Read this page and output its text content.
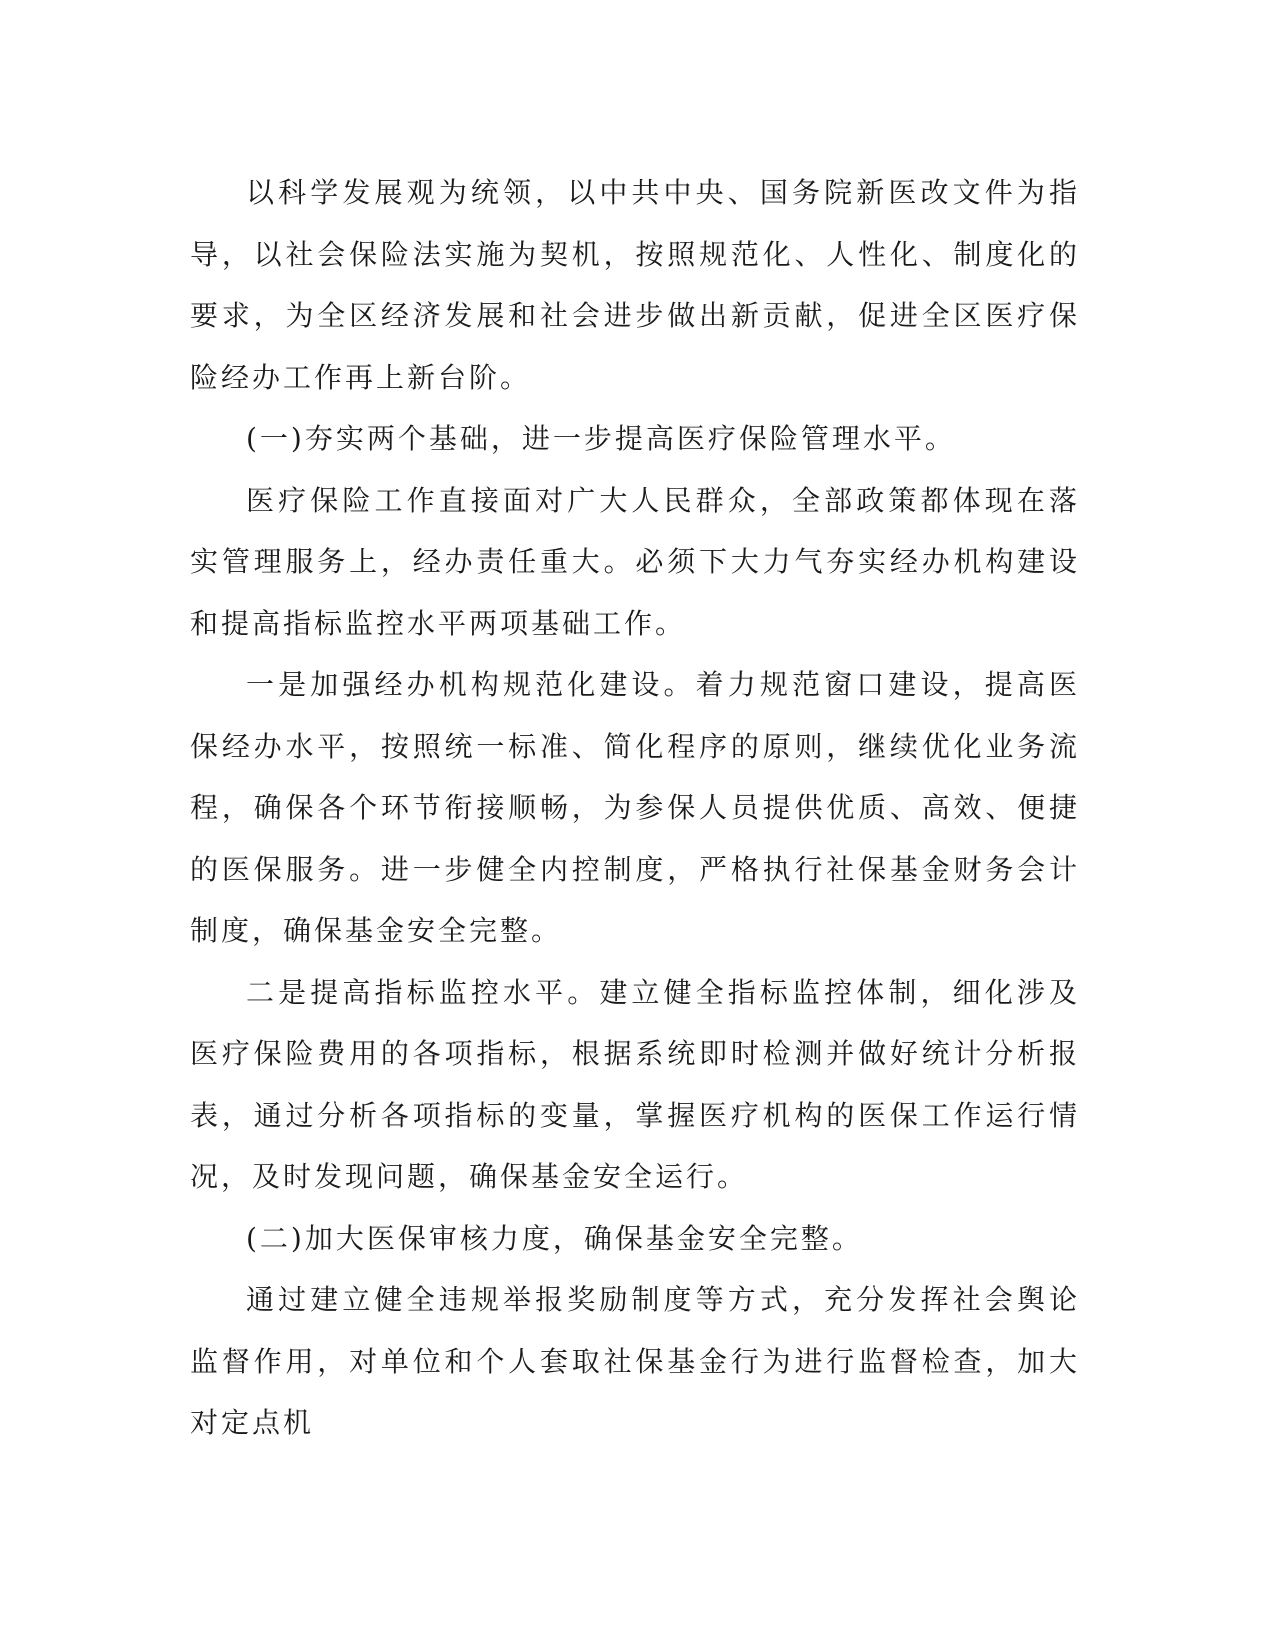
以科学发展观为统领，以中共中央、国务院新医改文件为指导，以社会保险法实施为契机，按照规范化、人性化、制度化的要求，为全区经济发展和社会进步做出新贡献，促进全区医疗保险经办工作再上新台阶。

(一)夯实两个基础，进一步提高医疗保险管理水平。

医疗保险工作直接面对广大人民群众，全部政策都体现在落实管理服务上，经办责任重大。必须下大力气夯实经办机构建设和提高指标监控水平两项基础工作。

一是加强经办机构规范化建设。着力规范窗口建设，提高医保经办水平，按照统一标准、简化程序的原则，继续优化业务流程，确保各个环节衔接顺畅，为参保人员提供优质、高效、便捷的医保服务。进一步健全内控制度，严格执行社保基金财务会计制度，确保基金安全完整。

二是提高指标监控水平。建立健全指标监控体制，细化涉及医疗保险费用的各项指标，根据系统即时检测并做好统计分析报表，通过分析各项指标的变量，掌握医疗机构的医保工作运行情况，及时发现问题，确保基金安全运行。

(二)加大医保审核力度，确保基金安全完整。

通过建立健全违规举报奖励制度等方式，充分发挥社会舆论监督作用，对单位和个人套取社保基金行为进行监督检查，加大对定点机
